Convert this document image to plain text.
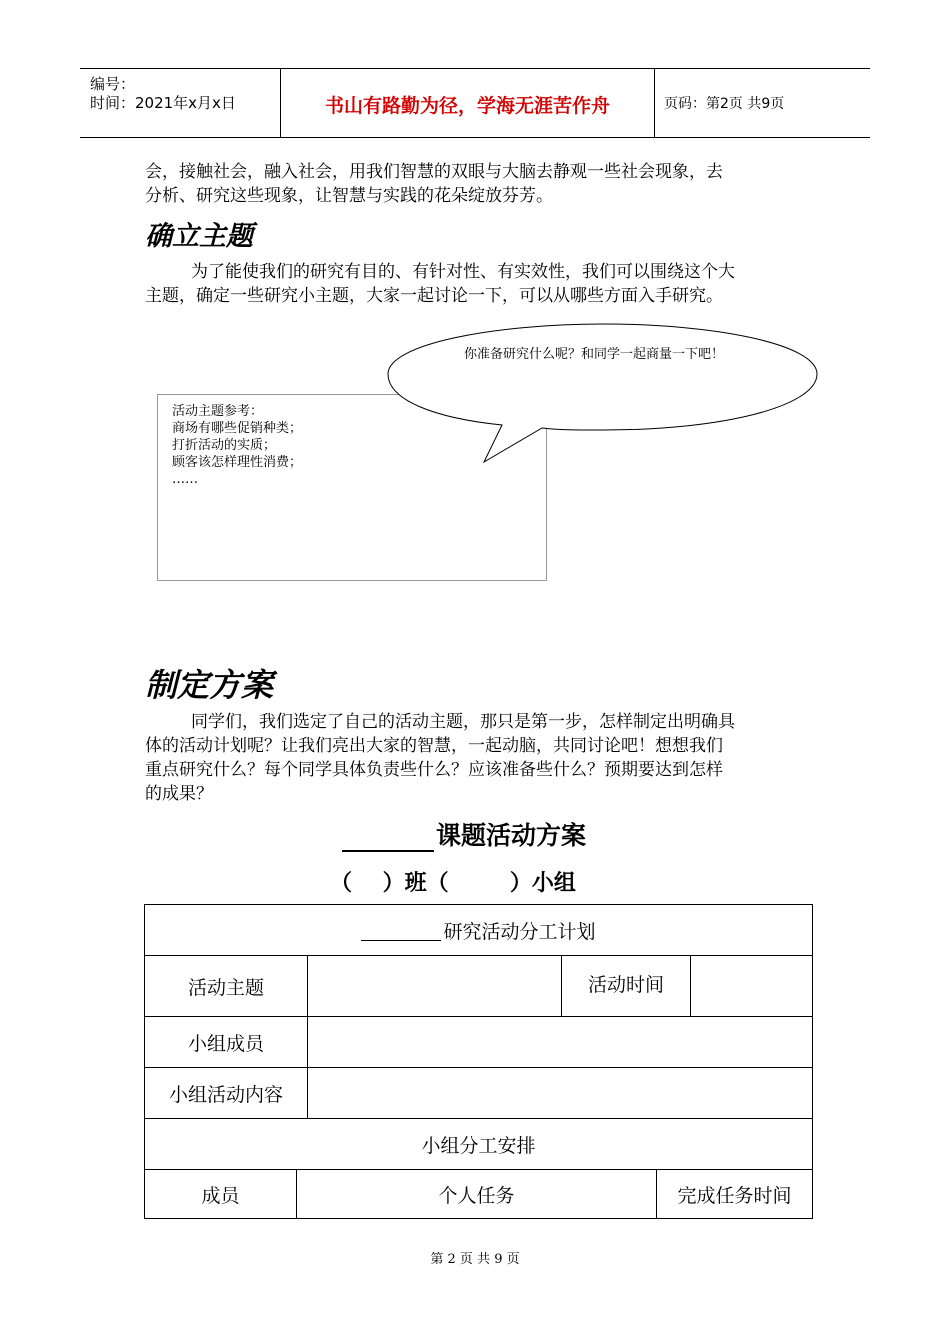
编号：
时间：2021年x月x日	书山有路勤为径，学海无涯苦作舟	页码：第2页 共9页
会，接触社会，融入社会，用我们智慧的双眼与大脑去静观一些社会现象，去
分析、研究这些现象，让智慧与实践的花朵绽放芬芳。
确立主题
为了能使我们的研究有目的、有针对性、有实效性，我们可以围绕这个大
主题，确定一些研究小主题，大家一起讨论一下，可以从哪些方面入手研究。
活动主题参考：
商场有哪些促销种类；
打折活动的实质；
顾客该怎样理性消费；
……
你准备研究什么呢？和同学一起商量一下吧！
制定方案
同学们，我们选定了自己的活动主题，那只是第一步，怎样制定出明确具
体的活动计划呢？让我们亮出大家的智慧，一起动脑，共同讨论吧！想想我们
重点研究什么？每个同学具体负责些什么？应该准备些什么？预期要达到怎样
的成果？
课题活动方案
（    ）班（        ）小组
研究活动分工计划
活动主题	活动时间
小组成员
小组活动内容
小组分工安排
成员	个人任务	完成任务时间
第 2 页 共 9 页
